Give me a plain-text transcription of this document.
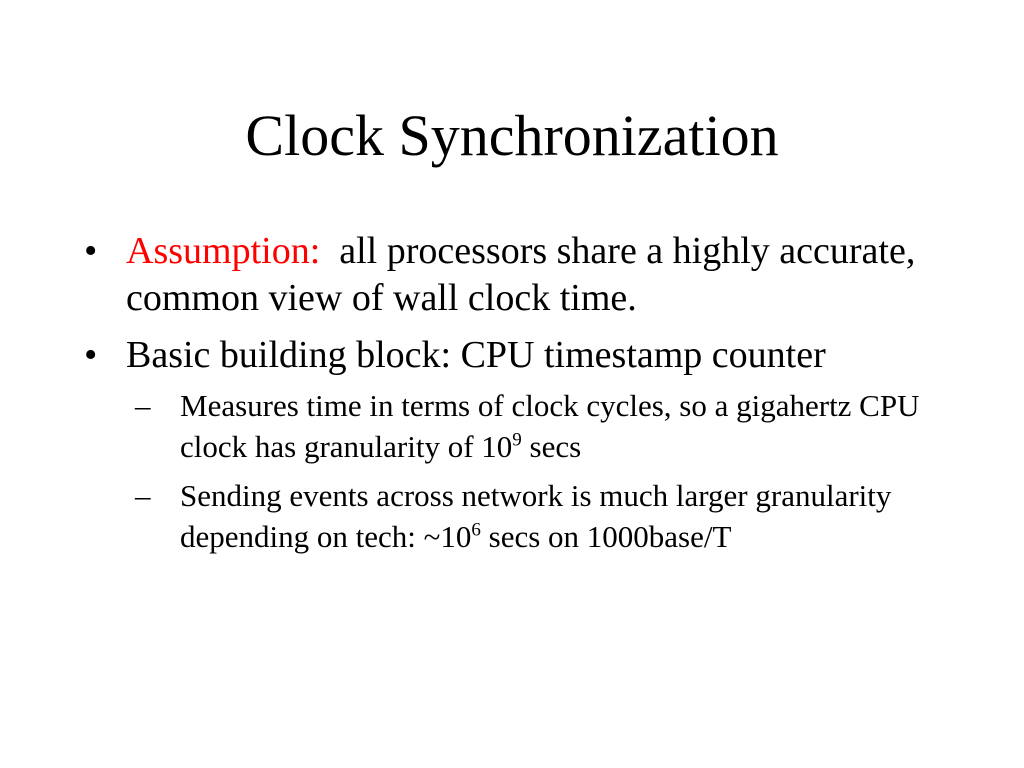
Clock Synchronization
• Assumption: all processors share a highly accurate, common view of wall clock time.
• Basic building block: CPU timestamp counter
– Measures time in terms of clock cycles, so a gigahertz CPU clock has granularity of $10^9$ secs
– Sending events across network is much larger granularity depending on tech: $\sim 10^6$ secs on 1000base/T
